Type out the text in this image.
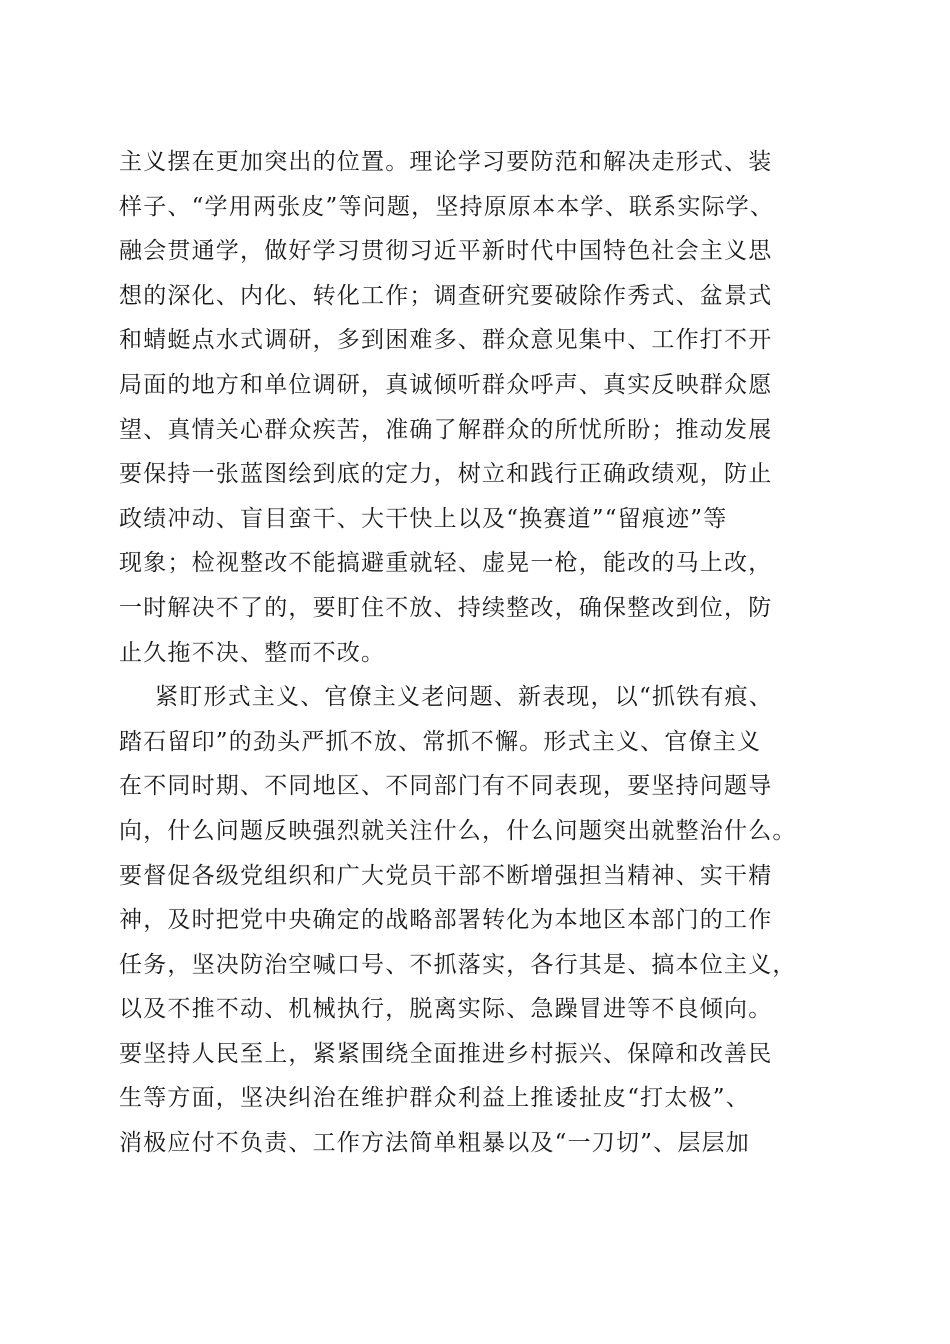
主义摆在更加突出的位置。理论学习要防范和解决走形式、装
样子、“学用两张皮”等问题，坚持原原本本学、联系实际学、
融会贯通学，做好学习贯彻习近平新时代中国特色社会主义思
想的深化、内化、转化工作；调查研究要破除作秀式、盆景式
和蜻蜓点水式调研，多到困难多、群众意见集中、工作打不开
局面的地方和单位调研，真诚倾听群众呼声、真实反映群众愿
望、真情关心群众疾苦，准确了解群众的所忧所盼；推动发展
要保持一张蓝图绘到底的定力，树立和践行正确政绩观，防止
政绩冲动、盲目蛮干、大干快上以及“换赛道”“留痕迹”等
现象；检视整改不能搞避重就轻、虚晃一枪，能改的马上改，
一时解决不了的，要盯住不放、持续整改，确保整改到位，防
止久拖不决、整而不改。
紧盯形式主义、官僚主义老问题、新表现，以“抓铁有痕、
踏石留印”的劲头严抓不放、常抓不懈。形式主义、官僚主义
在不同时期、不同地区、不同部门有不同表现，要坚持问题导
向，什么问题反映强烈就关注什么，什么问题突出就整治什么。
要督促各级党组织和广大党员干部不断增强担当精神、实干精
神，及时把党中央确定的战略部署转化为本地区本部门的工作
任务，坚决防治空喊口号、不抓落实，各行其是、搞本位主义，
以及不推不动、机械执行，脱离实际、急躁冒进等不良倾向。
要坚持人民至上，紧紧围绕全面推进乡村振兴、保障和改善民
生等方面，坚决纠治在维护群众利益上推诿扯皮“打太极”、
消极应付不负责、工作方法简单粗暴以及“一刀切”、层层加
